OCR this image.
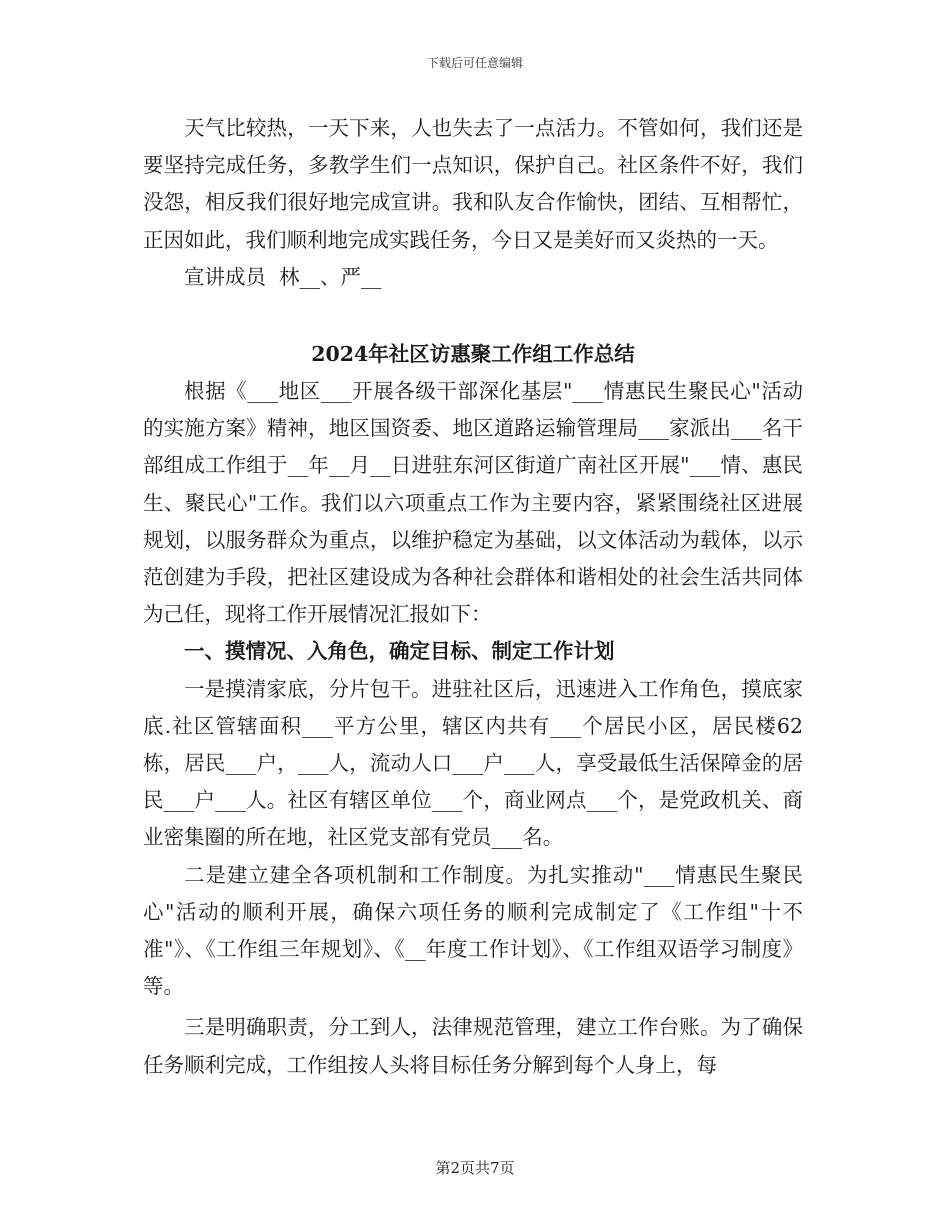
下载后可任意编辑

天气比较热，一天下来，人也失去了一点活力。不管如何，我们还是要坚持完成任务，多教学生们一点知识，保护自己。社区条件不好，我们没怨，相反我们很好地完成宣讲。我和队友合作愉快，团结、互相帮忙，正因如此，我们顺利地完成实践任务，今日又是美好而又炎热的一天。

宣讲成员  林__、严__

2024年社区访惠聚工作组工作总结

根据《___地区___开展各级干部深化基层"___情惠民生聚民心"活动的实施方案》精神，地区国资委、地区道路运输管理局___家派出___名干部组成工作组于__年__月__日进驻东河区街道广南社区开展"___情、惠民生、聚民心"工作。我们以六项重点工作为主要内容，紧紧围绕社区进展规划，以服务群众为重点，以维护稳定为基础，以文体活动为载体，以示范创建为手段，把社区建设成为各种社会群体和谐相处的社会生活共同体为己任，现将工作开展情况汇报如下：

一、摸情况、入角色，确定目标、制定工作计划

一是摸清家底，分片包干。进驻社区后，迅速进入工作角色，摸底家底.社区管辖面积___平方公里，辖区内共有___个居民小区，居民楼62栋，居民___户，___人，流动人口___户___人，享受最低生活保障金的居民___户___人。社区有辖区单位___个，商业网点___个，是党政机关、商业密集圈的所在地，社区党支部有党员___名。

二是建立建全各项机制和工作制度。为扎实推动"___情惠民生聚民心"活动的顺利开展，确保六项任务的顺利完成制定了《工作组"十不准"》、《工作组三年规划》、《__年度工作计划》、《工作组双语学习制度》等。

三是明确职责，分工到人，法律规范管理，建立工作台账。为了确保任务顺利完成，工作组按人头将目标任务分解到每个人身上，每

第2页共7页
